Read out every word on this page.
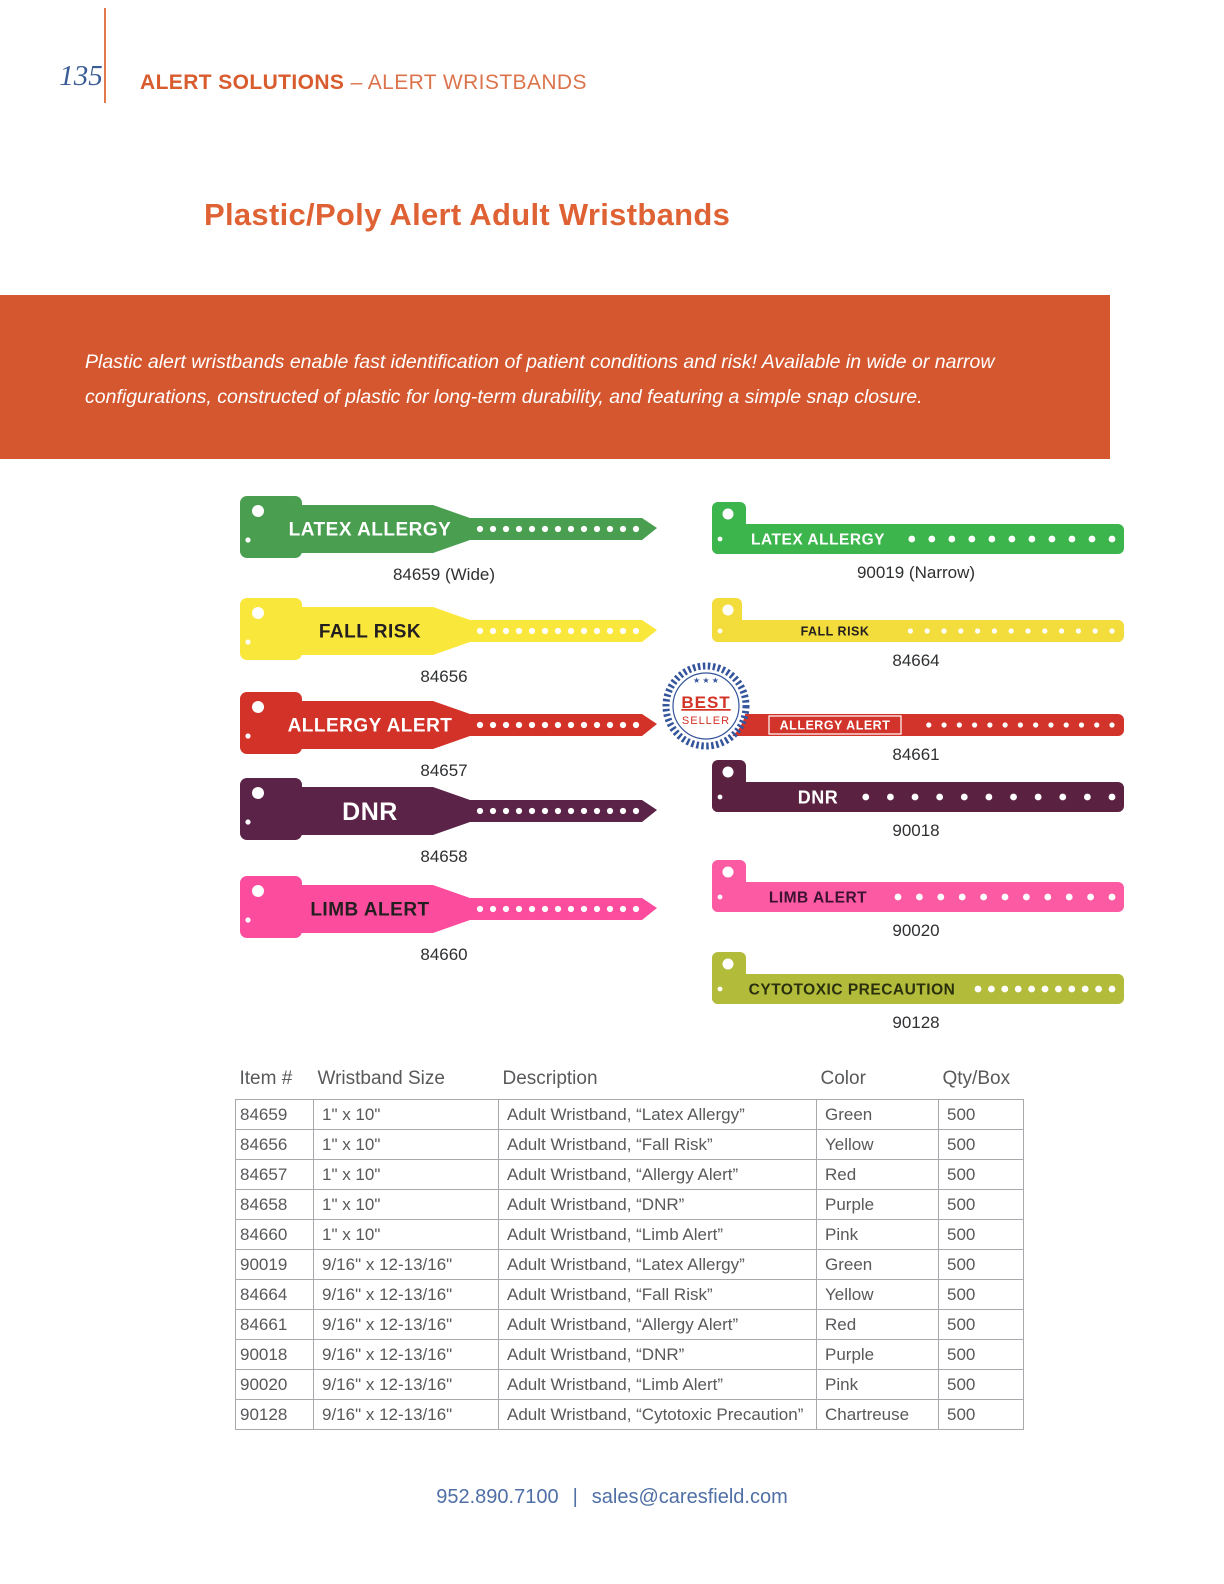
135 ALERT SOLUTIONS – ALERT WRISTBANDS
Plastic/Poly Alert Adult Wristbands

Plastic alert wristbands enable fast identification of patient conditions and risk! Available in wide or narrow configurations, constructed of plastic for long-term durability, and featuring a simple snap closure.

LATEX ALLERGY
84659 (Wide)
FALL RISK
84656
ALLERGY ALERT
84657
DNR
84658
LIMB ALERT
84660
LATEX ALLERGY
90019 (Narrow)
FALL RISK
84664
★ ★ ★
BEST
SELLER	ALLERGY ALERT
84661
DNR
90018
LIMB ALERT
90020
CYTOTOXIC PRECAUTION
90128
Item #	Wristband Size	Description	Color	Qty/Box
84659	1" x 10"	Adult Wristband, “Latex Allergy”	Green	500
84656	1" x 10"	Adult Wristband, “Fall Risk”	Yellow	500
84657	1" x 10"	Adult Wristband, “Allergy Alert”	Red	500
84658	1" x 10"	Adult Wristband, “DNR”	Purple	500
84660	1" x 10"	Adult Wristband, “Limb Alert”	Pink	500
90019	9/16" x 12-13/16"	Adult Wristband, “Latex Allergy”	Green	500
84664	9/16" x 12-13/16"	Adult Wristband, “Fall Risk”	Yellow	500
84661	9/16" x 12-13/16"	Adult Wristband, “Allergy Alert”	Red	500
90018	9/16" x 12-13/16"	Adult Wristband, “DNR”	Purple	500
90020	9/16" x 12-13/16"	Adult Wristband, “Limb Alert”	Pink	500
90128	9/16" x 12-13/16"	Adult Wristband, “Cytotoxic Precaution”	Chartreuse	500
952.890.7100 | sales@caresfield.com
